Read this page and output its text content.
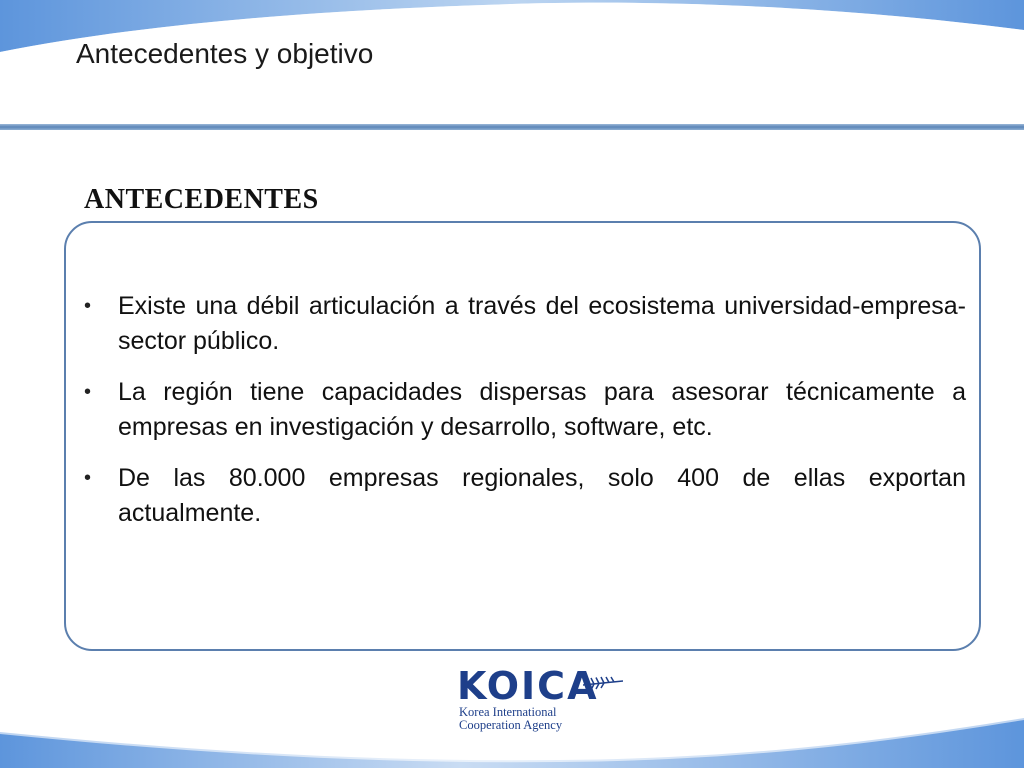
Antecedentes y objetivo
ANTECEDENTES
•	Existe una débil articulación a través del ecosistema universidad-empresa-sector público.
•	La región tiene capacidades dispersas para asesorar técnicamente a empresas en investigación y desarrollo, software, etc.
•	De las 80.000 empresas regionales, solo 400 de ellas exportan actualmente.
KOICA
Korea International
Cooperation Agency
